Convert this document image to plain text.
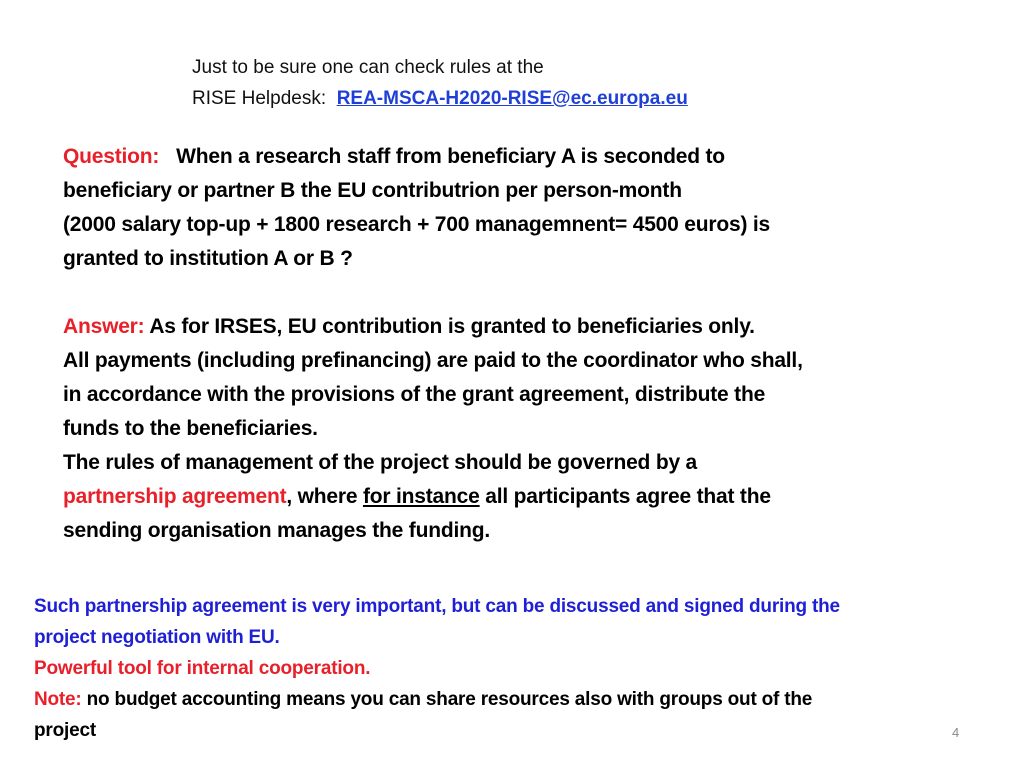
Just to be sure one can check rules at the
RISE Helpdesk: REA-MSCA-H2020-RISE@ec.europa.eu
Question: When a research staff from beneficiary A is seconded to
beneficiary or partner B the EU contributrion per person-month
(2000 salary top-up + 1800 research + 700 managemnent= 4500 euros) is
granted to institution A or B ?
Answer: As for IRSES, EU contribution is granted to beneficiaries only.
All payments (including prefinancing) are paid to the coordinator who shall,
in accordance with the provisions of the grant agreement, distribute the
funds to the beneficiaries.
The rules of management of the project should be governed by a
partnership agreement, where for instance all participants agree that the
sending organisation manages the funding.
Such partnership agreement is very important, but can be discussed and signed during the
project negotiation with EU.
Powerful tool for internal cooperation.
Note: no budget accounting means you can share resources also with groups out of the
project	4
